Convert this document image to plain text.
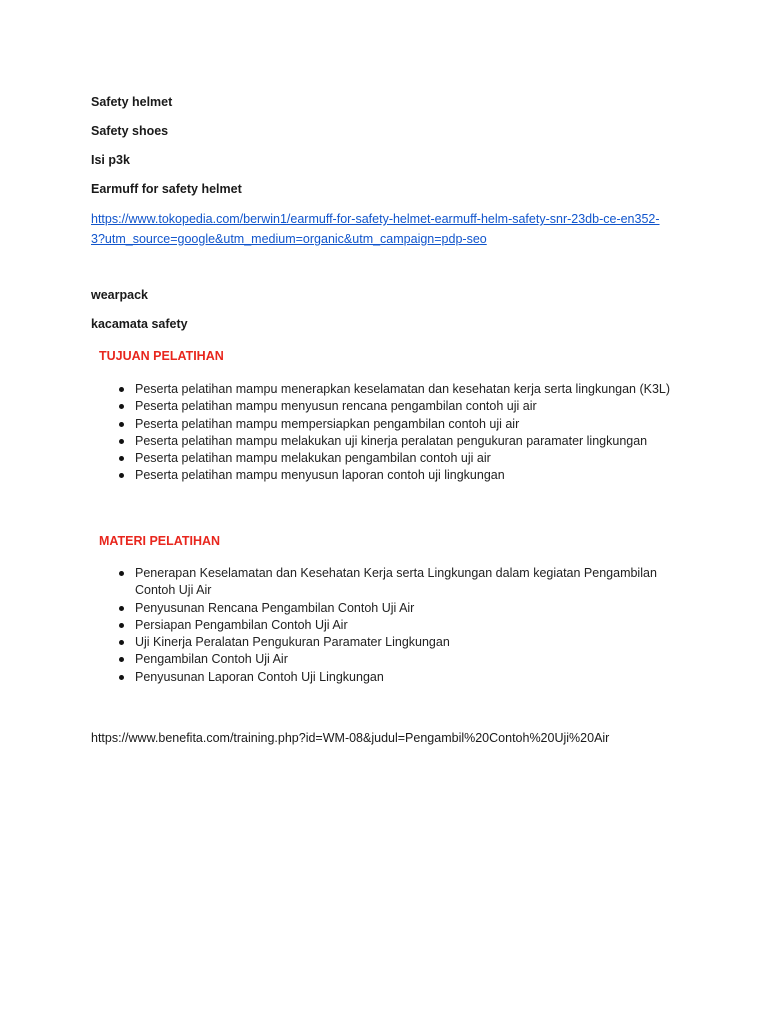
Safety helmet
Safety shoes
Isi p3k
Earmuff for safety helmet
https://www.tokopedia.com/berwin1/earmuff-for-safety-helmet-earmuff-helm-safety-snr-23db-ce-en352-3?utm_source=google&utm_medium=organic&utm_campaign=pdp-seo
wearpack
kacamata safety
TUJUAN PELATIHAN
Peserta pelatihan mampu menerapkan keselamatan dan kesehatan kerja serta lingkungan (K3L)
Peserta pelatihan mampu menyusun rencana pengambilan contoh uji air
Peserta pelatihan mampu mempersiapkan pengambilan contoh uji air
Peserta pelatihan mampu melakukan uji kinerja peralatan pengukuran paramater lingkungan
Peserta pelatihan mampu melakukan pengambilan contoh uji air
Peserta pelatihan mampu menyusun laporan contoh uji lingkungan
MATERI PELATIHAN
Penerapan Keselamatan dan Kesehatan Kerja serta Lingkungan dalam kegiatan Pengambilan Contoh Uji Air
Penyusunan Rencana Pengambilan Contoh Uji Air
Persiapan Pengambilan Contoh Uji Air
Uji Kinerja Peralatan Pengukuran Paramater Lingkungan
Pengambilan Contoh Uji Air
Penyusunan Laporan Contoh Uji Lingkungan
https://www.benefita.com/training.php?id=WM-08&judul=Pengambil%20Contoh%20Uji%20Air
